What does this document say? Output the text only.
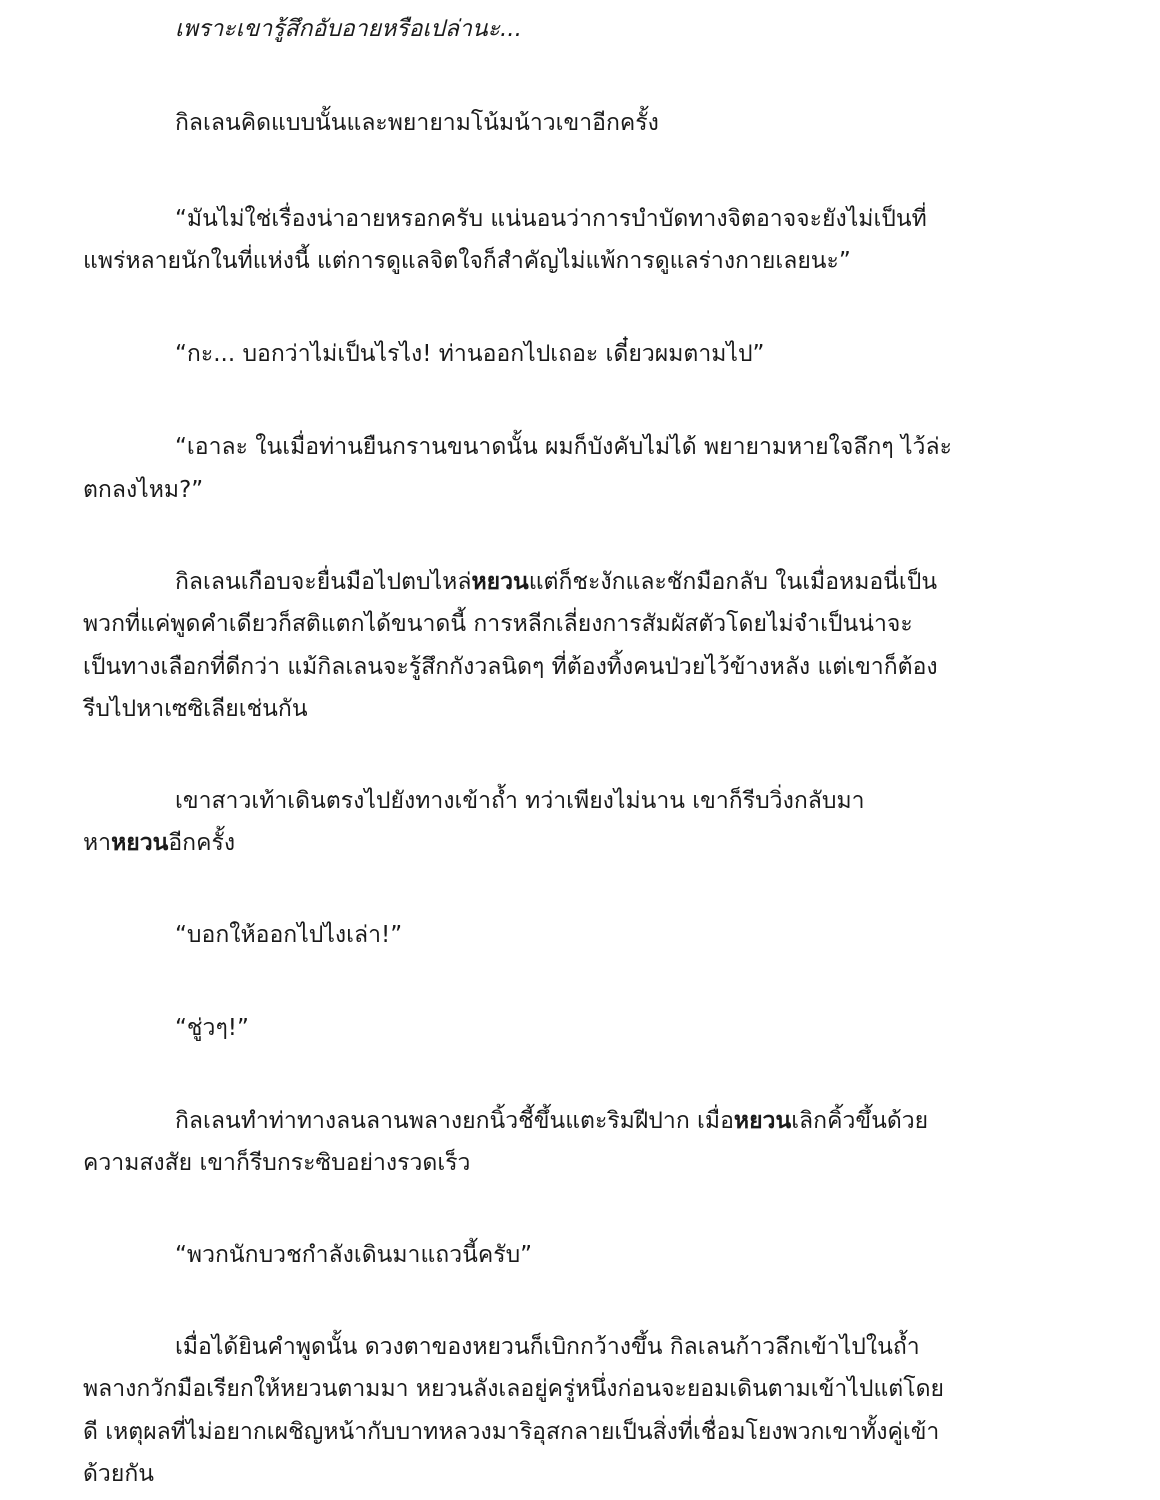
เพราะเขารู้สึกอับอายหรือเปล่านะ...

กิลเลนคิดแบบนั้นและพยายามโน้มน้าวเขาอีกครั้ง

“มันไม่ใช่เรื่องน่าอายหรอกครับ แน่นอนว่าการบำบัดทางจิตอาจจะยังไม่เป็นที่

แพร่หลายนักในที่แห่งนี้ แต่การดูแลจิตใจก็สำคัญไม่แพ้การดูแลร่างกายเลยนะ”

“กะ... บอกว่าไม่เป็นไรไง! ท่านออกไปเถอะ เดี๋ยวผมตามไป”

“เอาละ ในเมื่อท่านยืนกรานขนาดนั้น ผมก็บังคับไม่ได้ พยายามหายใจลึกๆ ไว้ล่ะ

ตกลงไหม?”

กิลเลนเกือบจะยื่นมือไปตบไหล่หยวนแต่ก็ชะงักและชักมือกลับ ในเมื่อหมอนี่เป็น

พวกที่แค่พูดคำเดียวก็สติแตกได้ขนาดนี้ การหลีกเลี่ยงการสัมผัสตัวโดยไม่จำเป็นน่าจะ

เป็นทางเลือกที่ดีกว่า แม้กิลเลนจะรู้สึกกังวลนิดๆ ที่ต้องทิ้งคนป่วยไว้ข้างหลัง แต่เขาก็ต้อง

รีบไปหาเซซิเลียเช่นกัน

เขาสาวเท้าเดินตรงไปยังทางเข้าถ้ำ ทว่าเพียงไม่นาน เขาก็รีบวิ่งกลับมา

หาหยวนอีกครั้ง

“บอกให้ออกไปไงเล่า!”

“ชู่วๆ!”

กิลเลนทำท่าทางลนลานพลางยกนิ้วชี้ขึ้นแตะริมฝีปาก เมื่อหยวนเลิกคิ้วขึ้นด้วย

ความสงสัย เขาก็รีบกระซิบอย่างรวดเร็ว

“พวกนักบวชกำลังเดินมาแถวนี้ครับ”

เมื่อได้ยินคำพูดนั้น ดวงตาของหยวนก็เบิกกว้างขึ้น กิลเลนก้าวลึกเข้าไปในถ้ำ

พลางกวักมือเรียกให้หยวนตามมา หยวนลังเลอยู่ครู่หนึ่งก่อนจะยอมเดินตามเข้าไปแต่โดย

ดี เหตุผลที่ไม่อยากเผชิญหน้ากับบาทหลวงมาริอุสกลายเป็นสิ่งที่เชื่อมโยงพวกเขาทั้งคู่เข้า

ด้วยกัน
